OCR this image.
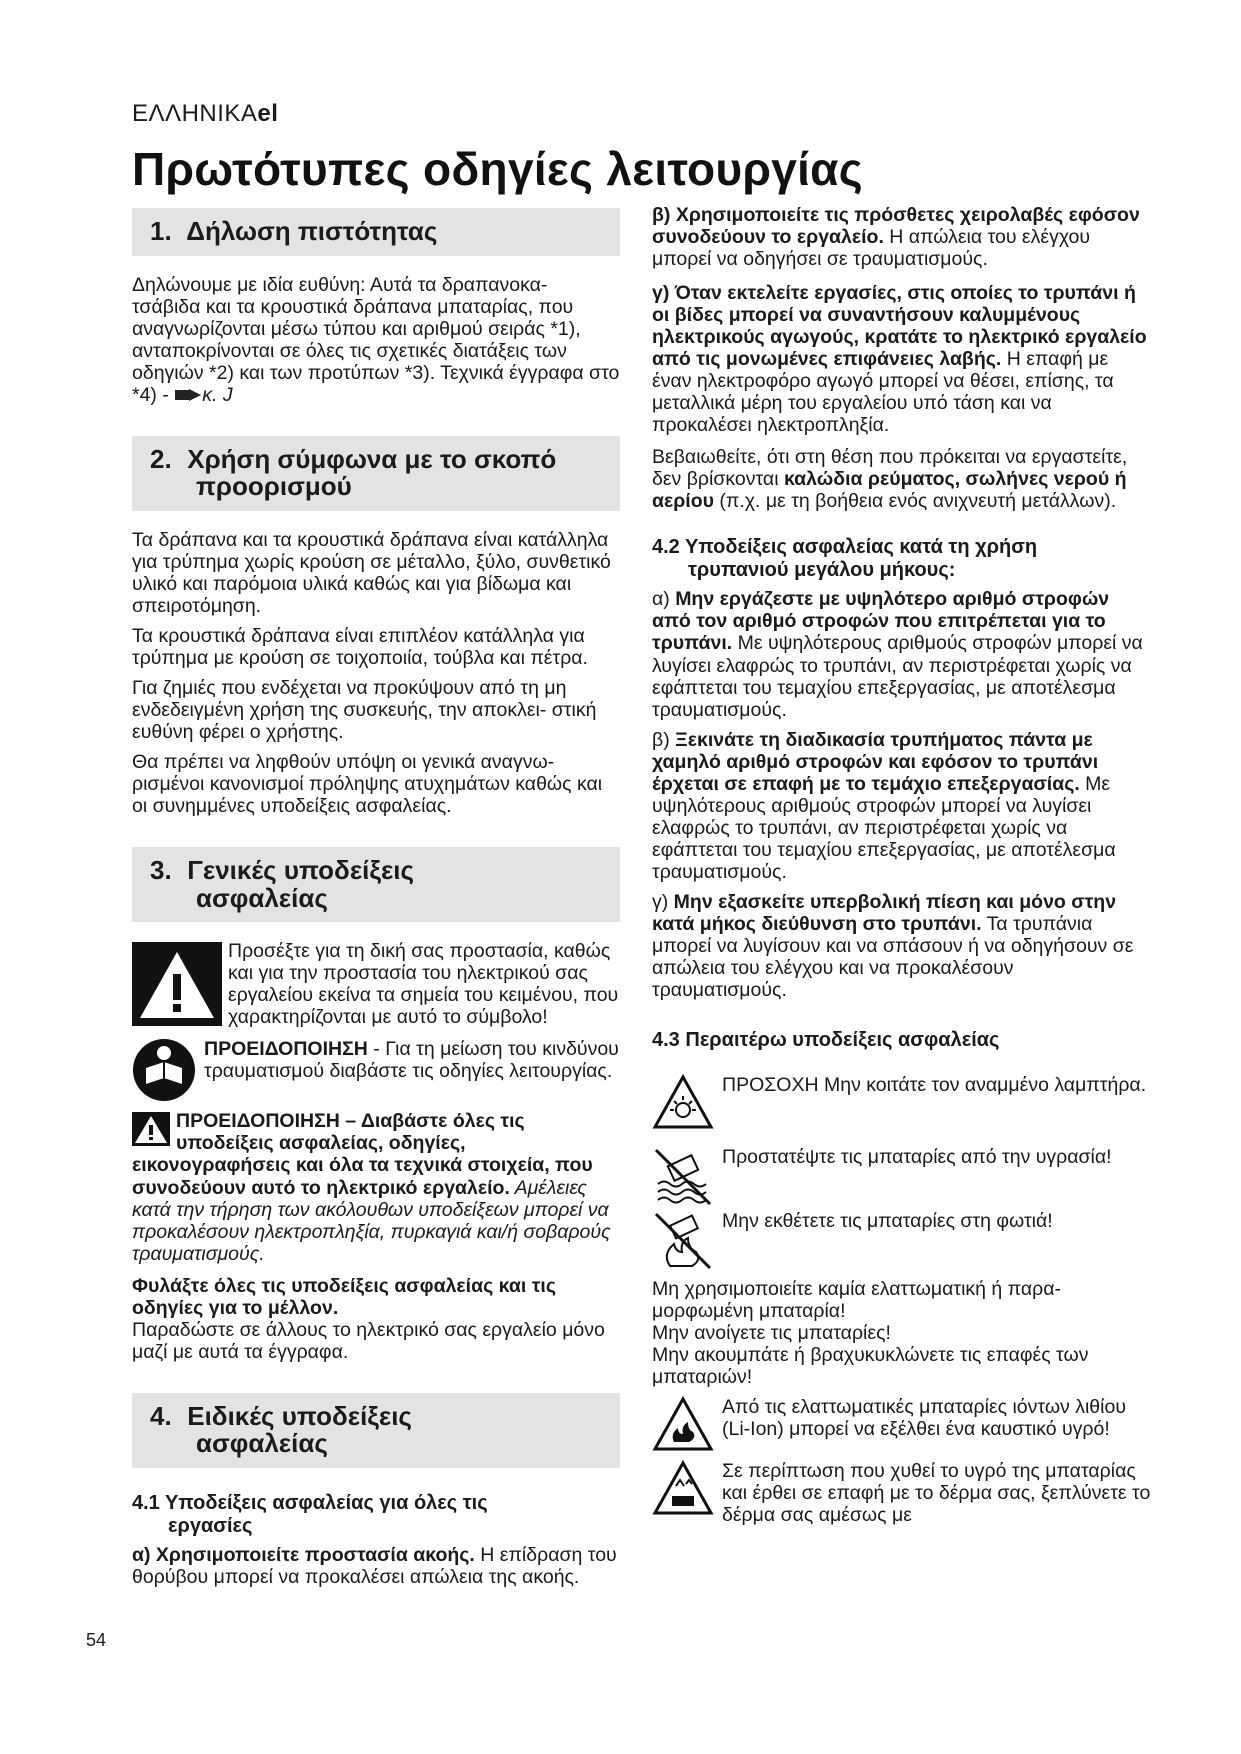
ΕΛΛΗΝΙΚΑel
Πρωτότυπες οδηγίες λειτουργίας
1. Δήλωση πιστότητας

Δηλώνουμε με ιδία ευθύνη: Αυτά τα δραπανοκα- τσάβιδα και τα κρουστικά δράπανα μπαταρίας, που αναγνωρίζονται μέσω τύπου και αριθμού σειράς *1), ανταποκρίνονται σε όλες τις σχετικές διατάξεις των οδηγιών *2) και των προτύπων *3). Τεχνικά έγγραφα στο *4) - κ. J

2. Χρήση σύμφωνα με το σκοπό
προορισμού

Τα δράπανα και τα κρουστικά δράπανα είναι κατάλληλα για τρύπημα χωρίς κρούση σε μέταλλο, ξύλο, συνθετικό υλικό και παρόμοια υλικά καθώς και για βίδωμα και σπειροτόμηση.

Τα κρουστικά δράπανα είναι επιπλέον κατάλληλα για τρύπημα με κρούση σε τοιχοποιία, τούβλα και πέτρα.

Για ζημιές που ενδέχεται να προκύψουν από τη μη ενδεδειγμένη χρήση της συσκευής, την αποκλει- στική ευθύνη φέρει ο χρήστης.

Θα πρέπει να ληφθούν υπόψη οι γενικά αναγνω- ρισμένοι κανονισμοί πρόληψης ατυχημάτων καθώς και οι συνημμένες υποδείξεις ασφαλείας.

3. Γενικές υποδείξεις
ασφαλείας

Προσέξτε για τη δική σας προστασία, καθώς και για την προστασία του ηλεκτρικού σας εργαλείου εκείνα τα σημεία του κειμένου, που χαρακτηρίζονται με αυτό το σύμβολο!

ΠΡΟΕΙΔΟΠΟΙΗΣΗ - Για τη μείωση του κινδύνου τραυματισμού διαβάστε τις οδηγίες λειτουργίας.

ΠΡΟΕΙΔΟΠΟΙΗΣΗ – Διαβάστε όλες τις υποδείξεις ασφαλείας, οδηγίες, εικονογραφήσεις και όλα τα τεχνικά στοιχεία, που συνοδεύουν αυτό το ηλεκτρικό εργαλείο. Αμέλειες κατά την τήρηση των ακόλουθων υποδείξεων μπορεί να προκαλέσουν ηλεκτροπληξία, πυρκαγιά και/ή σοβαρούς τραυματισμούς.

Φυλάξτε όλες τις υποδείξεις ασφαλείας και τις οδηγίες για το μέλλον.
Παραδώστε σε άλλους το ηλεκτρικό σας εργαλείο μόνο μαζί με αυτά τα έγγραφα.

4. Ειδικές υποδείξεις
ασφαλείας
4.1 Υποδείξεις ασφαλείας για όλες τις
εργασίες

α) Χρησιμοποιείτε προστασία ακοής. Η επίδραση του θορύβου μπορεί να προκαλέσει απώλεια της ακοής.

β) Χρησιμοποιείτε τις πρόσθετες χειρολαβές εφόσον συνοδεύουν το εργαλείο. Η απώλεια του ελέγχου μπορεί να οδηγήσει σε τραυματισμούς.

γ) Όταν εκτελείτε εργασίες, στις οποίες το τρυπάνι ή οι βίδες μπορεί να συναντήσουν καλυμμένους ηλεκτρικούς αγωγούς, κρατάτε το ηλεκτρικό εργαλείο από τις μονωμένες επιφάνειες λαβής. Η επαφή με έναν ηλεκτροφόρο αγωγό μπορεί να θέσει, επίσης, τα μεταλλικά μέρη του εργαλείου υπό τάση και να προκαλέσει ηλεκτροπληξία.

Βεβαιωθείτε, ότι στη θέση που πρόκειται να εργαστείτε, δεν βρίσκονται καλώδια ρεύματος, σωλήνες νερού ή αερίου (π.χ. με τη βοήθεια ενός ανιχνευτή μετάλλων).

4.2 Υποδείξεις ασφαλείας κατά τη χρήση
τρυπανιού μεγάλου μήκους:

α) Μην εργάζεστε με υψηλότερο αριθμό στροφών από τον αριθμό στροφών που επιτρέπεται για το τρυπάνι. Με υψηλότερους αριθμούς στροφών μπορεί να λυγίσει ελαφρώς το τρυπάνι, αν περιστρέφεται χωρίς να εφάπτεται του τεμαχίου επεξεργασίας, με αποτέλεσμα τραυματισμούς.

β) Ξεκινάτε τη διαδικασία τρυπήματος πάντα με χαμηλό αριθμό στροφών και εφόσον το τρυπάνι έρχεται σε επαφή με το τεμάχιο επεξεργασίας. Με υψηλότερους αριθμούς στροφών μπορεί να λυγίσει ελαφρώς το τρυπάνι, αν περιστρέφεται χωρίς να εφάπτεται του τεμαχίου επεξεργασίας, με αποτέλεσμα τραυματισμούς.

γ) Μην εξασκείτε υπερβολική πίεση και μόνο στην κατά μήκος διεύθυνση στο τρυπάνι. Τα τρυπάνια μπορεί να λυγίσουν και να σπάσουν ή να οδηγήσουν σε απώλεια του ελέγχου και να προκαλέσουν τραυματισμούς.

4.3 Περαιτέρω υποδείξεις ασφαλείας
ΠΡΟΣΟΧΗ Μην κοιτάτε τον αναμμένο λαμπτήρα.
Προστατέψτε τις μπαταρίες από την υγρασία!
Μην εκθέτετε τις μπαταρίες στη φωτιά!

Μη χρησιμοποιείτε καμία ελαττωματική ή παρα- μορφωμένη μπαταρία!
Μην ανοίγετε τις μπαταρίες!
Μην ακουμπάτε ή βραχυκυκλώνετε τις επαφές των μπαταριών!

Από τις ελαττωματικές μπαταρίες ιόντων λιθίου (Li-Ion) μπορεί να εξέλθει ένα καυστικό υγρό!
Σε περίπτωση που χυθεί το υγρό της μπαταρίας και έρθει σε επαφή με το δέρμα σας, ξεπλύνετε το δέρμα σας αμέσως με
54
